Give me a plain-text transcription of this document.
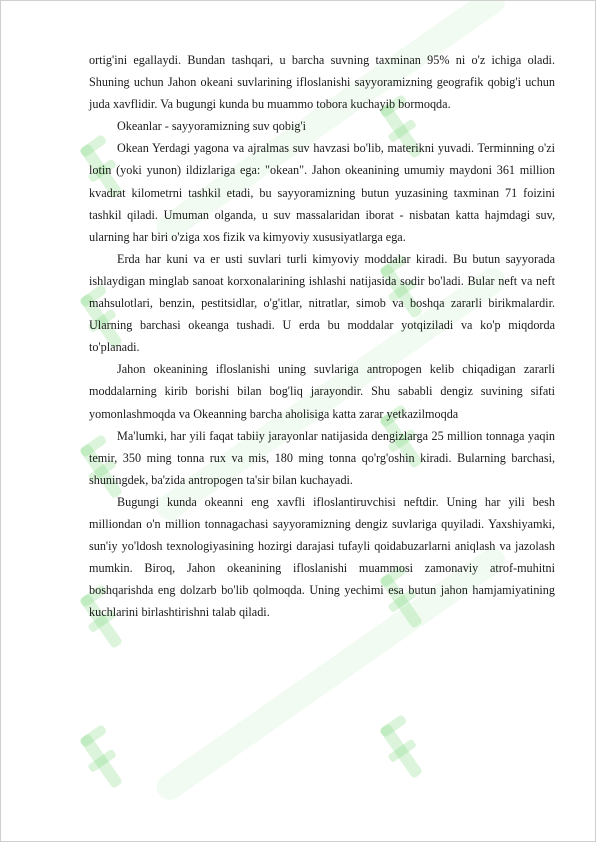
ortig'ini egallaydi. Bundan tashqari, u barcha suvning taxminan 95% ni o'z ichiga oladi. Shuning uchun Jahon okeani suvlarining ifloslanishi sayyoramizning geografik qobig'i uchun juda xavflidir. Va bugungi kunda bu muammo tobora kuchayib bormoqda.

Okeanlar - sayyoramizning suv qobig'i

Okean Yerdagi yagona va ajralmas suv havzasi bo'lib, materikni yuvadi. Terminning o'zi lotin (yoki yunon) ildizlariga ega: "okean". Jahon okeanining umumiy maydoni 361 million kvadrat kilometrni tashkil etadi, bu sayyoramizning butun yuzasining taxminan 71 foizini tashkil qiladi. Umuman olganda, u suv massalaridan iborat - nisbatan katta hajmdagi suv, ularning har biri o'ziga xos fizik va kimyoviy xususiyatlarga ega.

Erda har kuni va er usti suvlari turli kimyoviy moddalar kiradi. Bu butun sayyorada ishlaydigan minglab sanoat korxonalarining ishlashi natijasida sodir bo'ladi. Bular neft va neft mahsulotlari, benzin, pestitsidlar, o'g'itlar, nitratlar, simob va boshqa zararli birikmalardir. Ularning barchasi okeanga tushadi. U erda bu moddalar yotqiziladi va ko'p miqdorda to'planadi.

Jahon okeanining ifloslanishi uning suvlariga antropogen kelib chiqadigan zararli moddalarning kirib borishi bilan bog'liq jarayondir. Shu sababli dengiz suvining sifati yomonlashmoqda va Okeanning barcha aholisiga katta zarar yetkazilmoqda

Ma'lumki, har yili faqat tabiiy jarayonlar natijasida dengizlarga 25 million tonnaga yaqin temir, 350 ming tonna rux va mis, 180 ming tonna qo'rg'oshin kiradi. Bularning barchasi, shuningdek, ba'zida antropogen ta'sir bilan kuchayadi.

Bugungi kunda okeanni eng xavfli ifloslantiruvchisi neftdir. Uning har yili besh milliondan o'n million tonnagachasi sayyoramizning dengiz suvlariga quyiladi. Yaxshiyamki, sun'iy yo'ldosh texnologiyasining hozirgi darajasi tufayli qoidabuzarlarni aniqlash va jazolash mumkin. Biroq, Jahon okeanining ifloslanishi muammosi zamonaviy atrof-muhitni boshqarishda eng dolzarb bo'lib qolmoqda. Uning yechimi esa butun jahon hamjamiyatining kuchlarini birlashtirishni talab qiladi.
